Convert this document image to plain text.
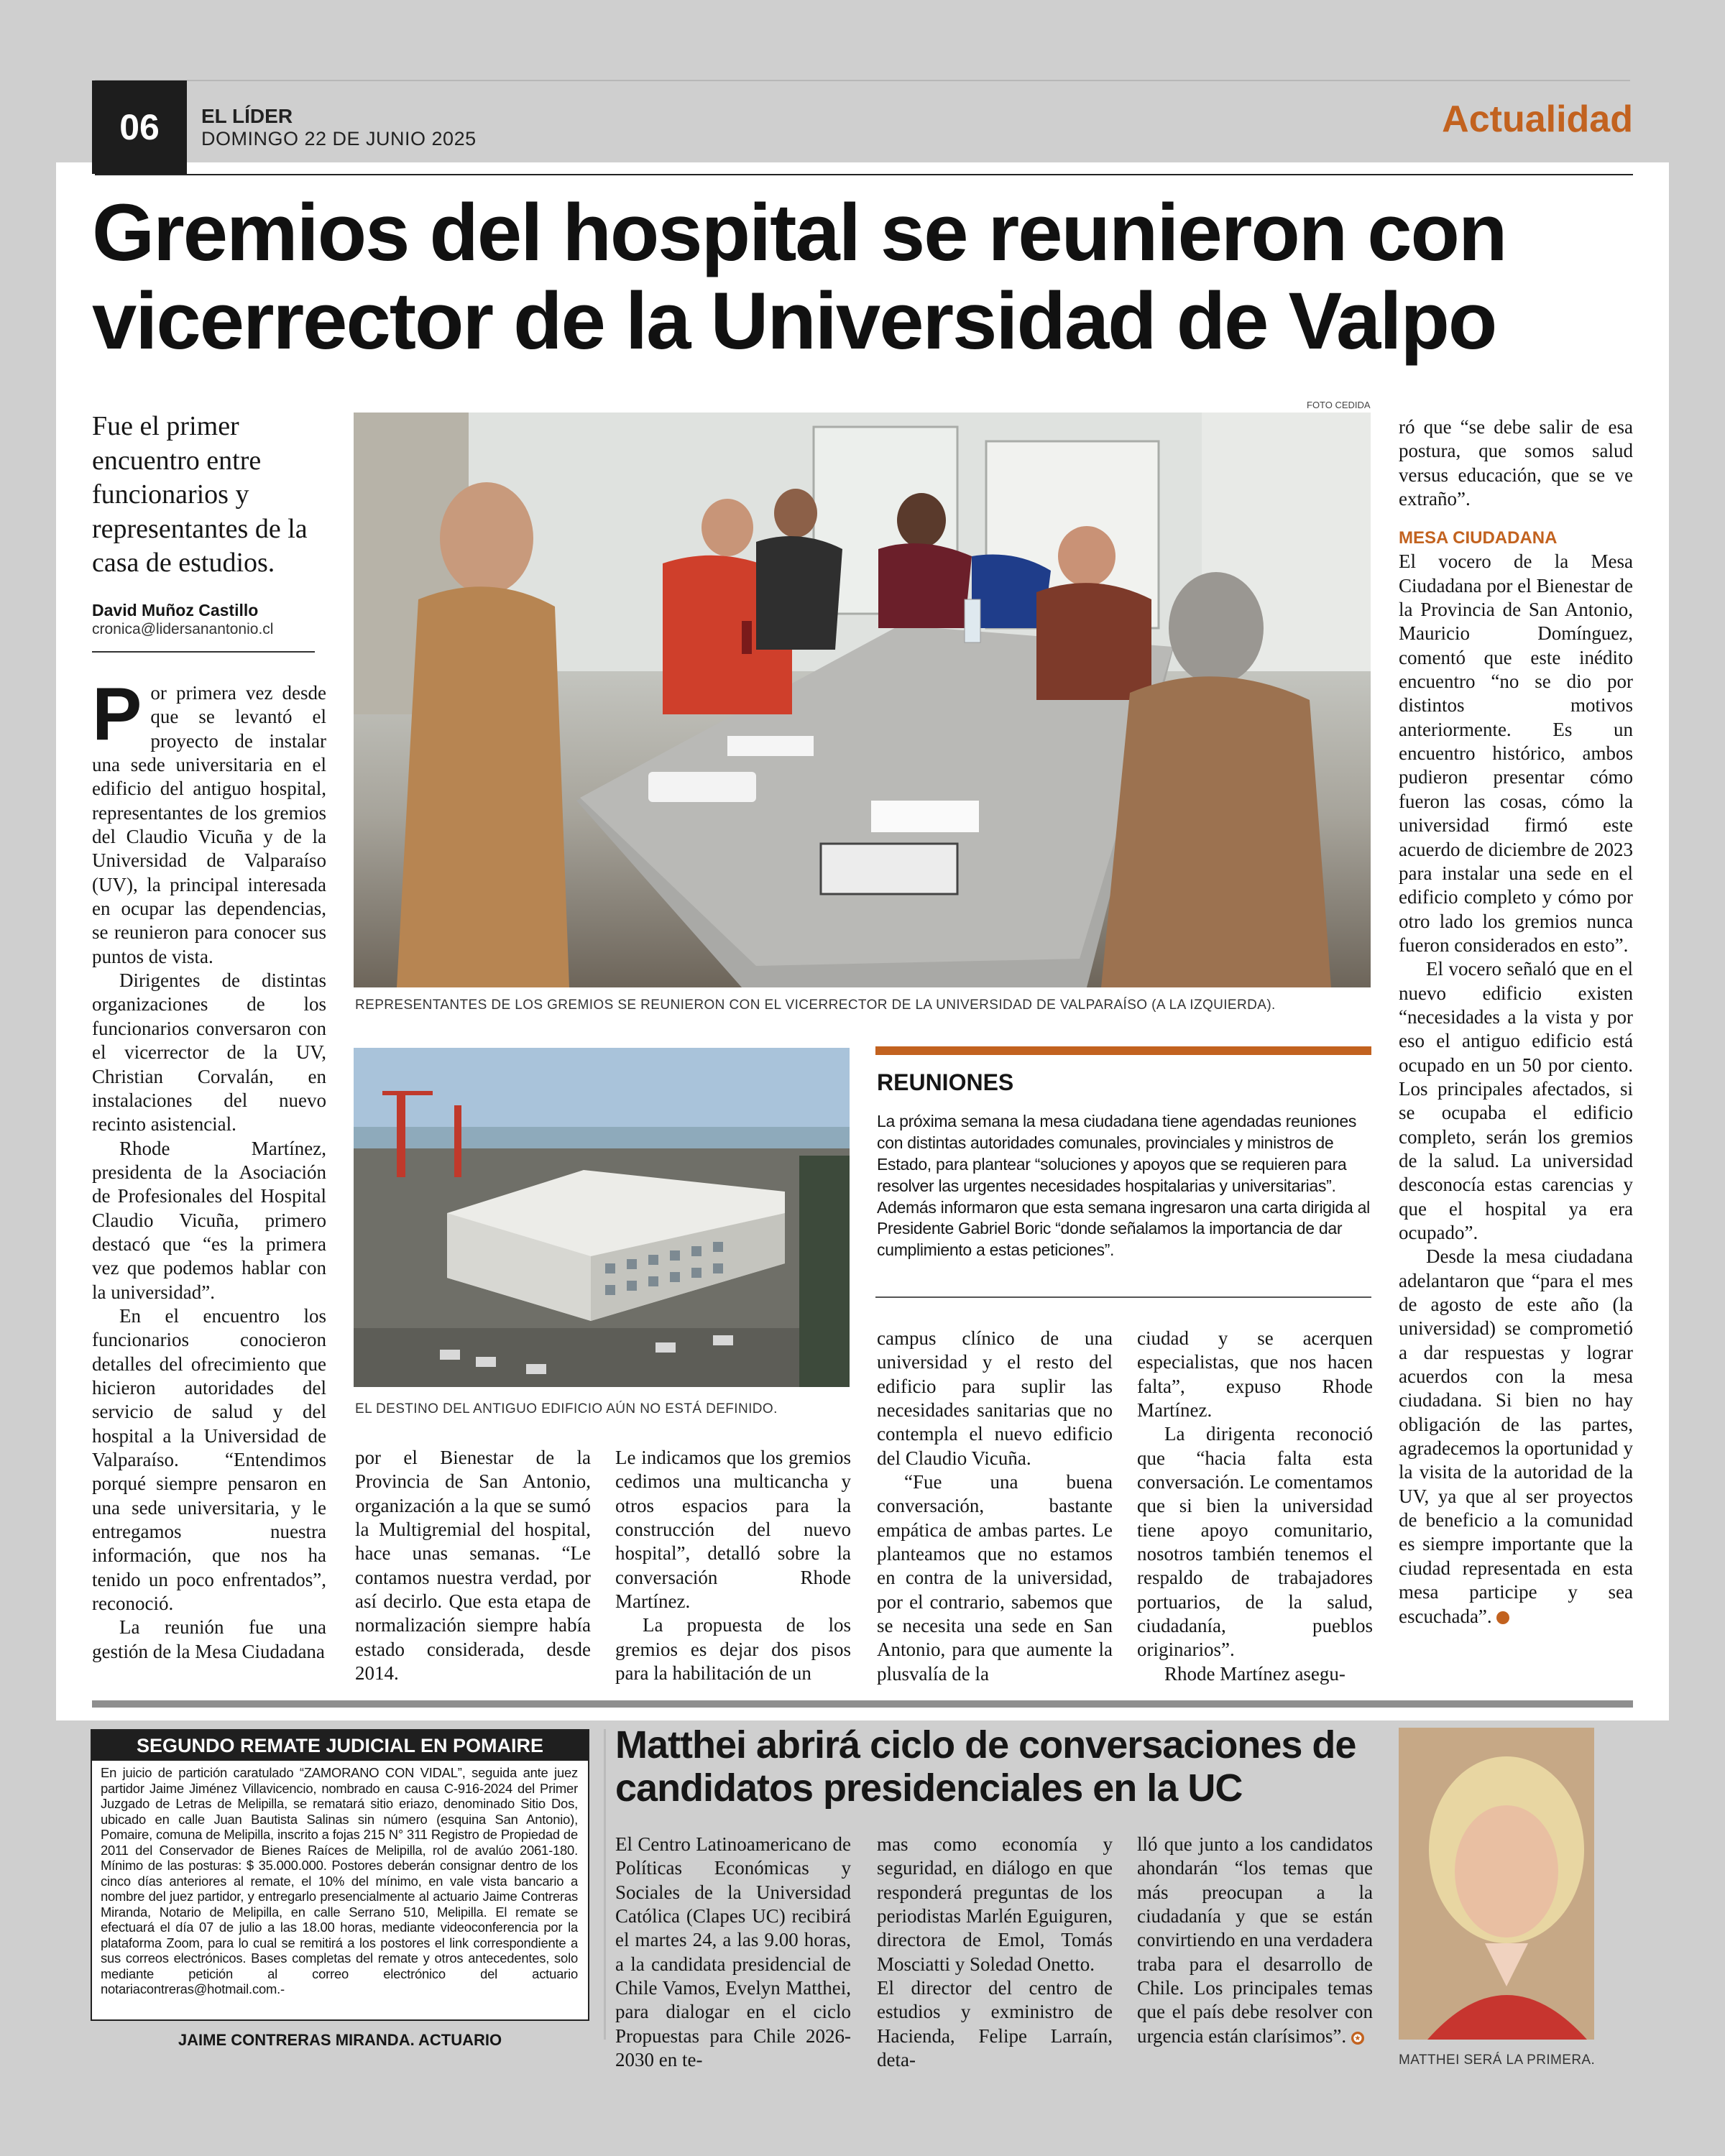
06	EL LÍDER
DOMINGO 22 DE JUNIO 2025	Actualidad
Gremios del hospital se reunieron con
vicerrector de la Universidad de Valpo
Fue el primer encuentro entre funcionarios y representantes de la casa de estudios.
David Muñoz Castillo
cronica@lidersanantonio.cl

Por primera vez desde que se levantó el proyecto de instalar una sede universitaria en el edificio del antiguo hospital, representantes de los gremios del Claudio Vicuña y de la Universidad de Valparaíso (UV), la principal interesada en ocupar las dependencias, se reunieron para conocer sus puntos de vista.

Dirigentes de distintas organizaciones de los funcionarios conversaron con el vicerrector de la UV, Christian Corvalán, en instalaciones del nuevo recinto asistencial.

Rhode Martínez, presidenta de la Asociación de Profesionales del Hospital Claudio Vicuña, primero destacó que “es la primera vez que podemos hablar con la universidad”.

En el encuentro los funcionarios conocieron detalles del ofrecimiento que hicieron autoridades del servicio de salud y del hospital a la Universidad de Valparaíso. “Entendimos porqué siempre pensaron en una sede universitaria, y le entregamos nuestra información, que nos ha tenido un poco enfrentados”, reconoció.

La reunión fue una gestión de la Mesa Ciudadana

FOTO CEDIDA
REPRESENTANTES DE LOS GREMIOS SE REUNIERON CON EL VICERRECTOR DE LA UNIVERSIDAD DE VALPARAÍSO (A LA IZQUIERDA).
EL DESTINO DEL ANTIGUO EDIFICIO AÚN NO ESTÁ DEFINIDO.
REUNIONES
La próxima semana la mesa ciudadana tiene agendadas reuniones con distintas autoridades comunales, provinciales y ministros de Estado, para plantear “soluciones y apoyos que se requieren para resolver las urgentes necesidades hospitalarias y universitarias”. Además informaron que esta semana ingresaron una carta dirigida al Presidente Gabriel Boric “donde señalamos la importancia de dar cumplimiento a estas peticiones”.

por el Bienestar de la Provincia de San Antonio, organización a la que se sumó la Multigremial del hospital, hace unas semanas. “Le contamos nuestra verdad, por así decirlo. Que esta etapa de normalización siempre había estado considerada, desde 2014.

Le indicamos que los gremios cedimos una multicancha y otros espacios para la construcción del nuevo hospital”, detalló sobre la conversación Rhode Martínez.

La propuesta de los gremios es dejar dos pisos para la habilitación de un

campus clínico de una universidad y el resto del edificio para suplir las necesidades sanitarias que no contempla el nuevo edificio del Claudio Vicuña.

“Fue una buena conversación, bastante empática de ambas partes. Le planteamos que no estamos en contra de la universidad, por el contrario, sabemos que se necesita una sede en San Antonio, para que aumente la plusvalía de la

ciudad y se acerquen especialistas, que nos hacen falta”, expuso Rhode Martínez.

La dirigenta reconoció que “hacia falta esta conversación. Le comentamos que si bien la universidad tiene apoyo comunitario, nosotros también tenemos el respaldo de trabajadores portuarios, de la salud, ciudadanía, pueblos originarios”.

Rhode Martínez asegu-

ró que “se debe salir de esa postura, que somos salud versus educación, que se ve extraño”.

MESA CIUDADANA

El vocero de la Mesa Ciudadana por el Bienestar de la Provincia de San Antonio, Mauricio Domínguez, comentó que este inédito encuentro “no se dio por distintos motivos anteriormente. Es un encuentro histórico, ambos pudieron presentar cómo fueron las cosas, cómo la universidad firmó este acuerdo de diciembre de 2023 para instalar una sede en el edificio completo y cómo por otro lado los gremios nunca fueron considerados en esto”.

El vocero señaló que en el nuevo edificio existen “necesidades a la vista y por eso el antiguo edificio está ocupado en un 50 por ciento. Los principales afectados, si se ocupaba el edificio completo, serán los gremios de la salud. La universidad desconocía estas carencias y que el hospital ya era ocupado”.

Desde la mesa ciudadana adelantaron que “para el mes de agosto de este año (la universidad) se comprometió a dar respuestas y lograr acuerdos con la mesa ciudadana. Si bien no hay obligación de las partes, agradecemos la oportunidad y la visita de la autoridad de la UV, ya que al ser proyectos de beneficio a la comunidad es siempre importante que la ciudad representada en esta mesa participe y sea escuchada”.	✪

SEGUNDO REMATE JUDICIAL EN POMAIRE
En juicio de partición caratulado “ZAMORANO CON VIDAL”, seguida ante juez partidor Jaime Jiménez Villavicencio, nombrado en causa C-916-2024 del Primer Juzgado de Letras de Melipilla, se rematará sitio eriazo, denominado Sitio Dos, ubicado en calle Juan Bautista Salinas sin número (esquina San Antonio), Pomaire, comuna de Melipilla, inscrito a fojas 215 N° 311 Registro de Propiedad de 2011 del Conservador de Bienes Raíces de Melipilla, rol de avalúo 2061-180. Mínimo de las posturas: $ 35.000.000. Postores deberán consignar dentro de los cinco días anteriores al remate, el 10% del mínimo, en vale vista bancario a nombre del juez partidor, y entregarlo presencialmente al actuario Jaime Contreras Miranda, Notario de Melipilla, en calle Serrano 510, Melipilla. El remate se efectuará el día 07 de julio a las 18.00 horas, mediante videoconferencia por la plataforma Zoom, para lo cual se remitirá a los postores el link correspondiente a sus correos electrónicos. Bases completas del remate y otros antecedentes, solo mediante petición al correo electrónico del actuario notariacontreras@hotmail.com.-
JAIME CONTRERAS MIRANDA. ACTUARIO
Matthei abrirá ciclo de conversaciones de candidatos presidenciales en la UC

El Centro Latinoamericano de Políticas Económicas y Sociales de la Universidad Católica (Clapes UC) recibirá el martes 24, a las 9.00 horas, a la candidata presidencial de Chile Vamos, Evelyn Matthei, para dialogar en el ciclo Propuestas para Chile 2026-2030 en te-

mas como economía y seguridad, en diálogo en que responderá preguntas de los periodistas Marlén Eguiguren, directora de Emol, Tomás Mosciatti y Soledad Onetto.

El director del centro de estudios y exministro de Hacienda, Felipe Larraín, deta-

lló que junto a los candidatos ahondarán “los temas que más preocupan a la ciudadanía y que se están convirtiendo en una verdadera traba para el desarrollo de Chile. Los principales temas que el país debe resolver con urgencia están clarísimos”. ✪

MATTHEI SERÁ LA PRIMERA.
